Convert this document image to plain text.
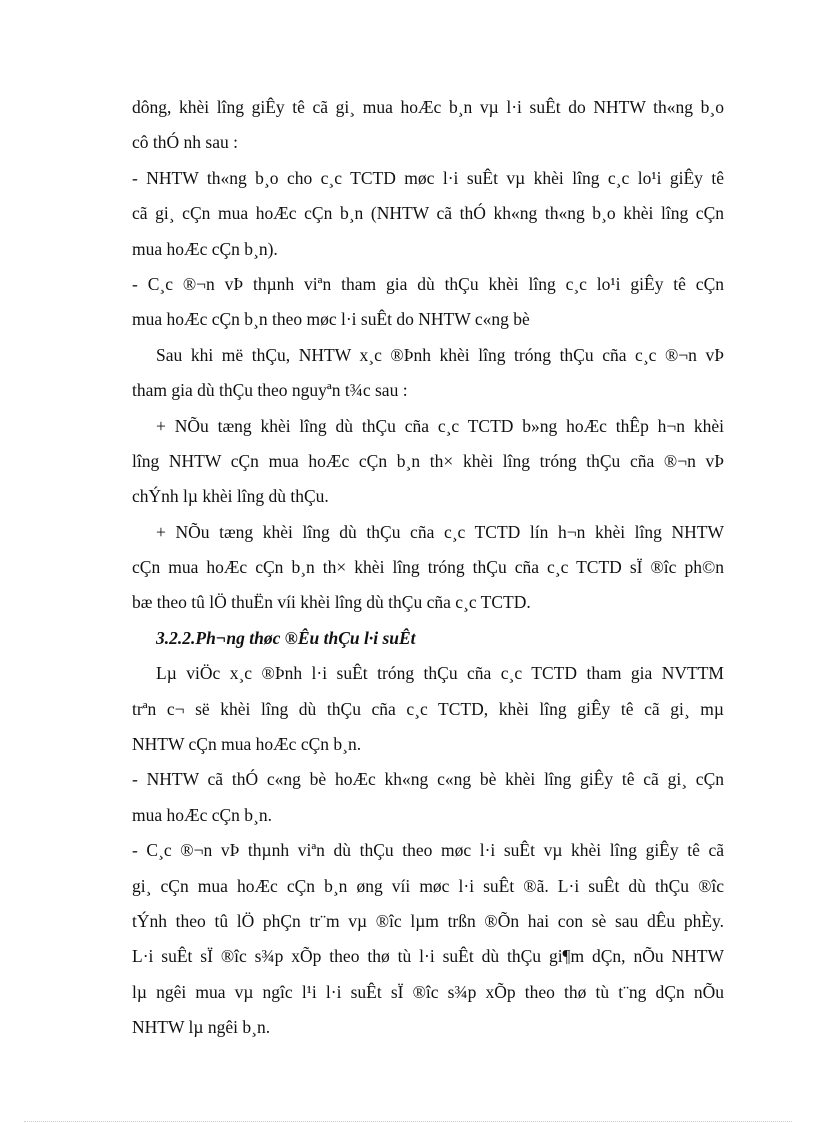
dông, khèi lîng giÊy tê cã gi¸ mua hoÆc b¸n vµ l·i suÊt do NHTW th«ng b¸o
cô thÓ nh sau :
- NHTW th«ng b¸o cho c¸c TCTD møc l·i suÊt vµ khèi lîng c¸c lo¹i giÊy tê
cã gi¸ cÇn mua hoÆc cÇn b¸n (NHTW cã thÓ kh«ng th«ng b¸o khèi lîng cÇn
mua hoÆc cÇn b¸n).
- C¸c ®¬n vÞ thµnh viªn tham gia dù thÇu khèi lîng c¸c lo¹i giÊy tê cÇn
mua hoÆc cÇn b¸n theo møc l·i suÊt do NHTW c«ng bè
Sau khi më thÇu, NHTW x¸c ®Þnh khèi lîng tróng thÇu cña c¸c ®¬n vÞ
tham gia dù thÇu theo nguyªn t¾c sau :
+ NÕu tæng khèi lîng dù thÇu cña c¸c TCTD b»ng hoÆc thÊp h¬n khèi
lîng NHTW cÇn mua hoÆc cÇn b¸n th× khèi lîng tróng thÇu cña ®¬n vÞ
chÝnh lµ khèi lîng dù thÇu.
+ NÕu tæng khèi lîng dù thÇu cña c¸c TCTD lín h¬n khèi lîng NHTW
cÇn mua hoÆc cÇn b¸n th× khèi lîng tróng thÇu cña c¸c TCTD sÏ ®îc ph©n
bæ theo tû lÖ thuËn víi khèi lîng dù thÇu cña c¸c TCTD.
3.2.2.Ph¬ng thøc ®Êu thÇu l·i suÊt
Lµ viÖc x¸c ®Þnh l·i suÊt tróng thÇu cña c¸c TCTD tham gia NVTTM
trªn c¬ së khèi lîng dù thÇu cña c¸c TCTD, khèi lîng giÊy tê cã gi¸ mµ
NHTW cÇn mua hoÆc cÇn b¸n.
- NHTW cã thÓ c«ng bè hoÆc kh«ng c«ng bè khèi lîng giÊy tê cã gi¸ cÇn
mua hoÆc cÇn b¸n.
- C¸c ®¬n vÞ thµnh viªn dù thÇu theo møc l·i suÊt vµ khèi lîng giÊy tê cã
gi¸ cÇn mua hoÆc cÇn b¸n øng víi møc l·i suÊt ®ã. L·i suÊt dù thÇu ®îc
tÝnh theo tû lÖ phÇn tr¨m vµ ®îc lµm trßn ®Õn hai con sè sau dÊu phÈy.
L·i suÊt sÏ ®îc s¾p xÕp theo thø tù l·i suÊt dù thÇu gi¶m dÇn, nÕu NHTW
lµ ngêi mua vµ ngîc l¹i l·i suÊt sÏ ®îc s¾p xÕp theo thø tù t¨ng dÇn nÕu
NHTW lµ ngêi b¸n.
